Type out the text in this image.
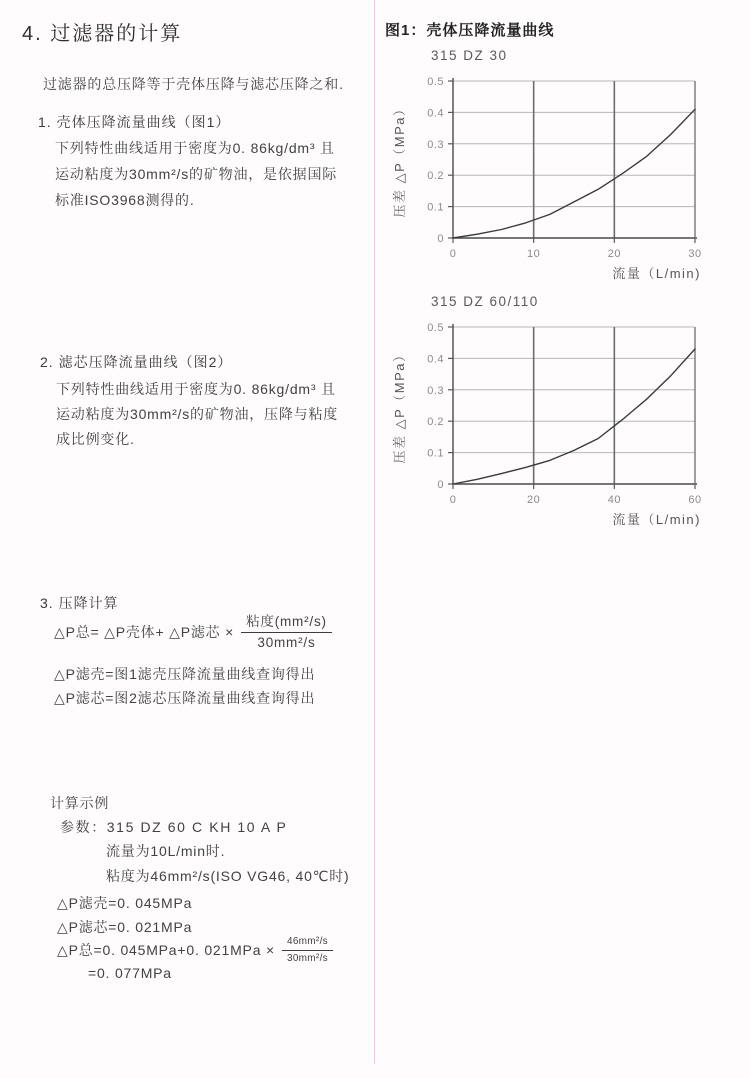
4. 过滤器的计算
过滤器的总压降等于壳体压降与滤芯压降之和.
1. 壳体压降流量曲线（图1）
下列特性曲线适用于密度为0. 86kg/dm³ 且
运动粘度为30mm²/s的矿物油，是依据国际
标准ISO3968测得的.
2. 滤芯压降流量曲线（图2）
下列特性曲线适用于密度为0. 86kg/dm³ 且
运动粘度为30mm²/s的矿物油，压降与粘度
成比例变化.
3. 压降计算
△P总= △P壳体+ △P滤芯 × $\frac{\text{粘度(mm²/s)}}{\text{30mm²/s}}$
△P滤壳=图1滤壳压降流量曲线查询得出
△P滤芯=图2滤芯压降流量曲线查询得出
计算示例
参数：315 DZ 60 C KH 10 A P
流量为10L/min时.
粘度为46mm²/s(ISO VG46, 40℃时)
△P滤壳=0. 045MPa
△P滤芯=0. 021MPa
△P总=0. 045MPa+0. $021MPa \times \frac{\text{46mm²/s}}{\text{30mm²/s}}$
=0. 077MPa
图1：壳体压降流量曲线
0
0.1
0.2
0.3
0.4
0.5
0	10	20	30
315 DZ 30
压差 △P（MPa）
流量（L/min)
0
0.1
0.2
0.3
0.4
0.5
0	20	40	60
315 DZ 60/110
压差 △P（MPa）
流量（L/min)
